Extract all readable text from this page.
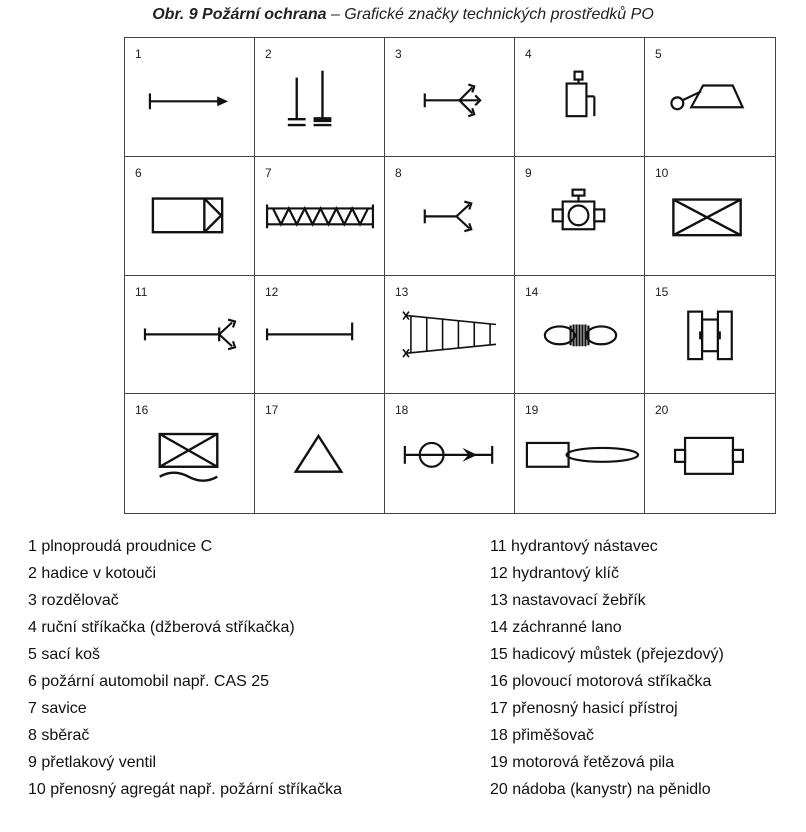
Obr. 9 Požární ochrana – Grafické značky technických prostředků PO
1	2	3	4	5
6	7	8	9	10
11	12	13	14	15
16	17	18	19	20
1 plnoproudá proudnice C
2 hadice v kotouči
3 rozdělovač
4 ruční stříkačka (džberová stříkačka)
5 sací koš
6 požární automobil např. CAS 25
7 savice
8 sběrač
9 přetlakový ventil
10 přenosný agregát např. požární stříkačka
11 hydrantový nástavec
12 hydrantový klíč
13 nastavovací žebřík
14 záchranné lano
15 hadicový můstek (přejezdový)
16 plovoucí motorová stříkačka
17 přenosný hasicí přístroj
18 přiměšovač
19 motorová řetězová pila
20 nádoba (kanystr) na pěnidlo
